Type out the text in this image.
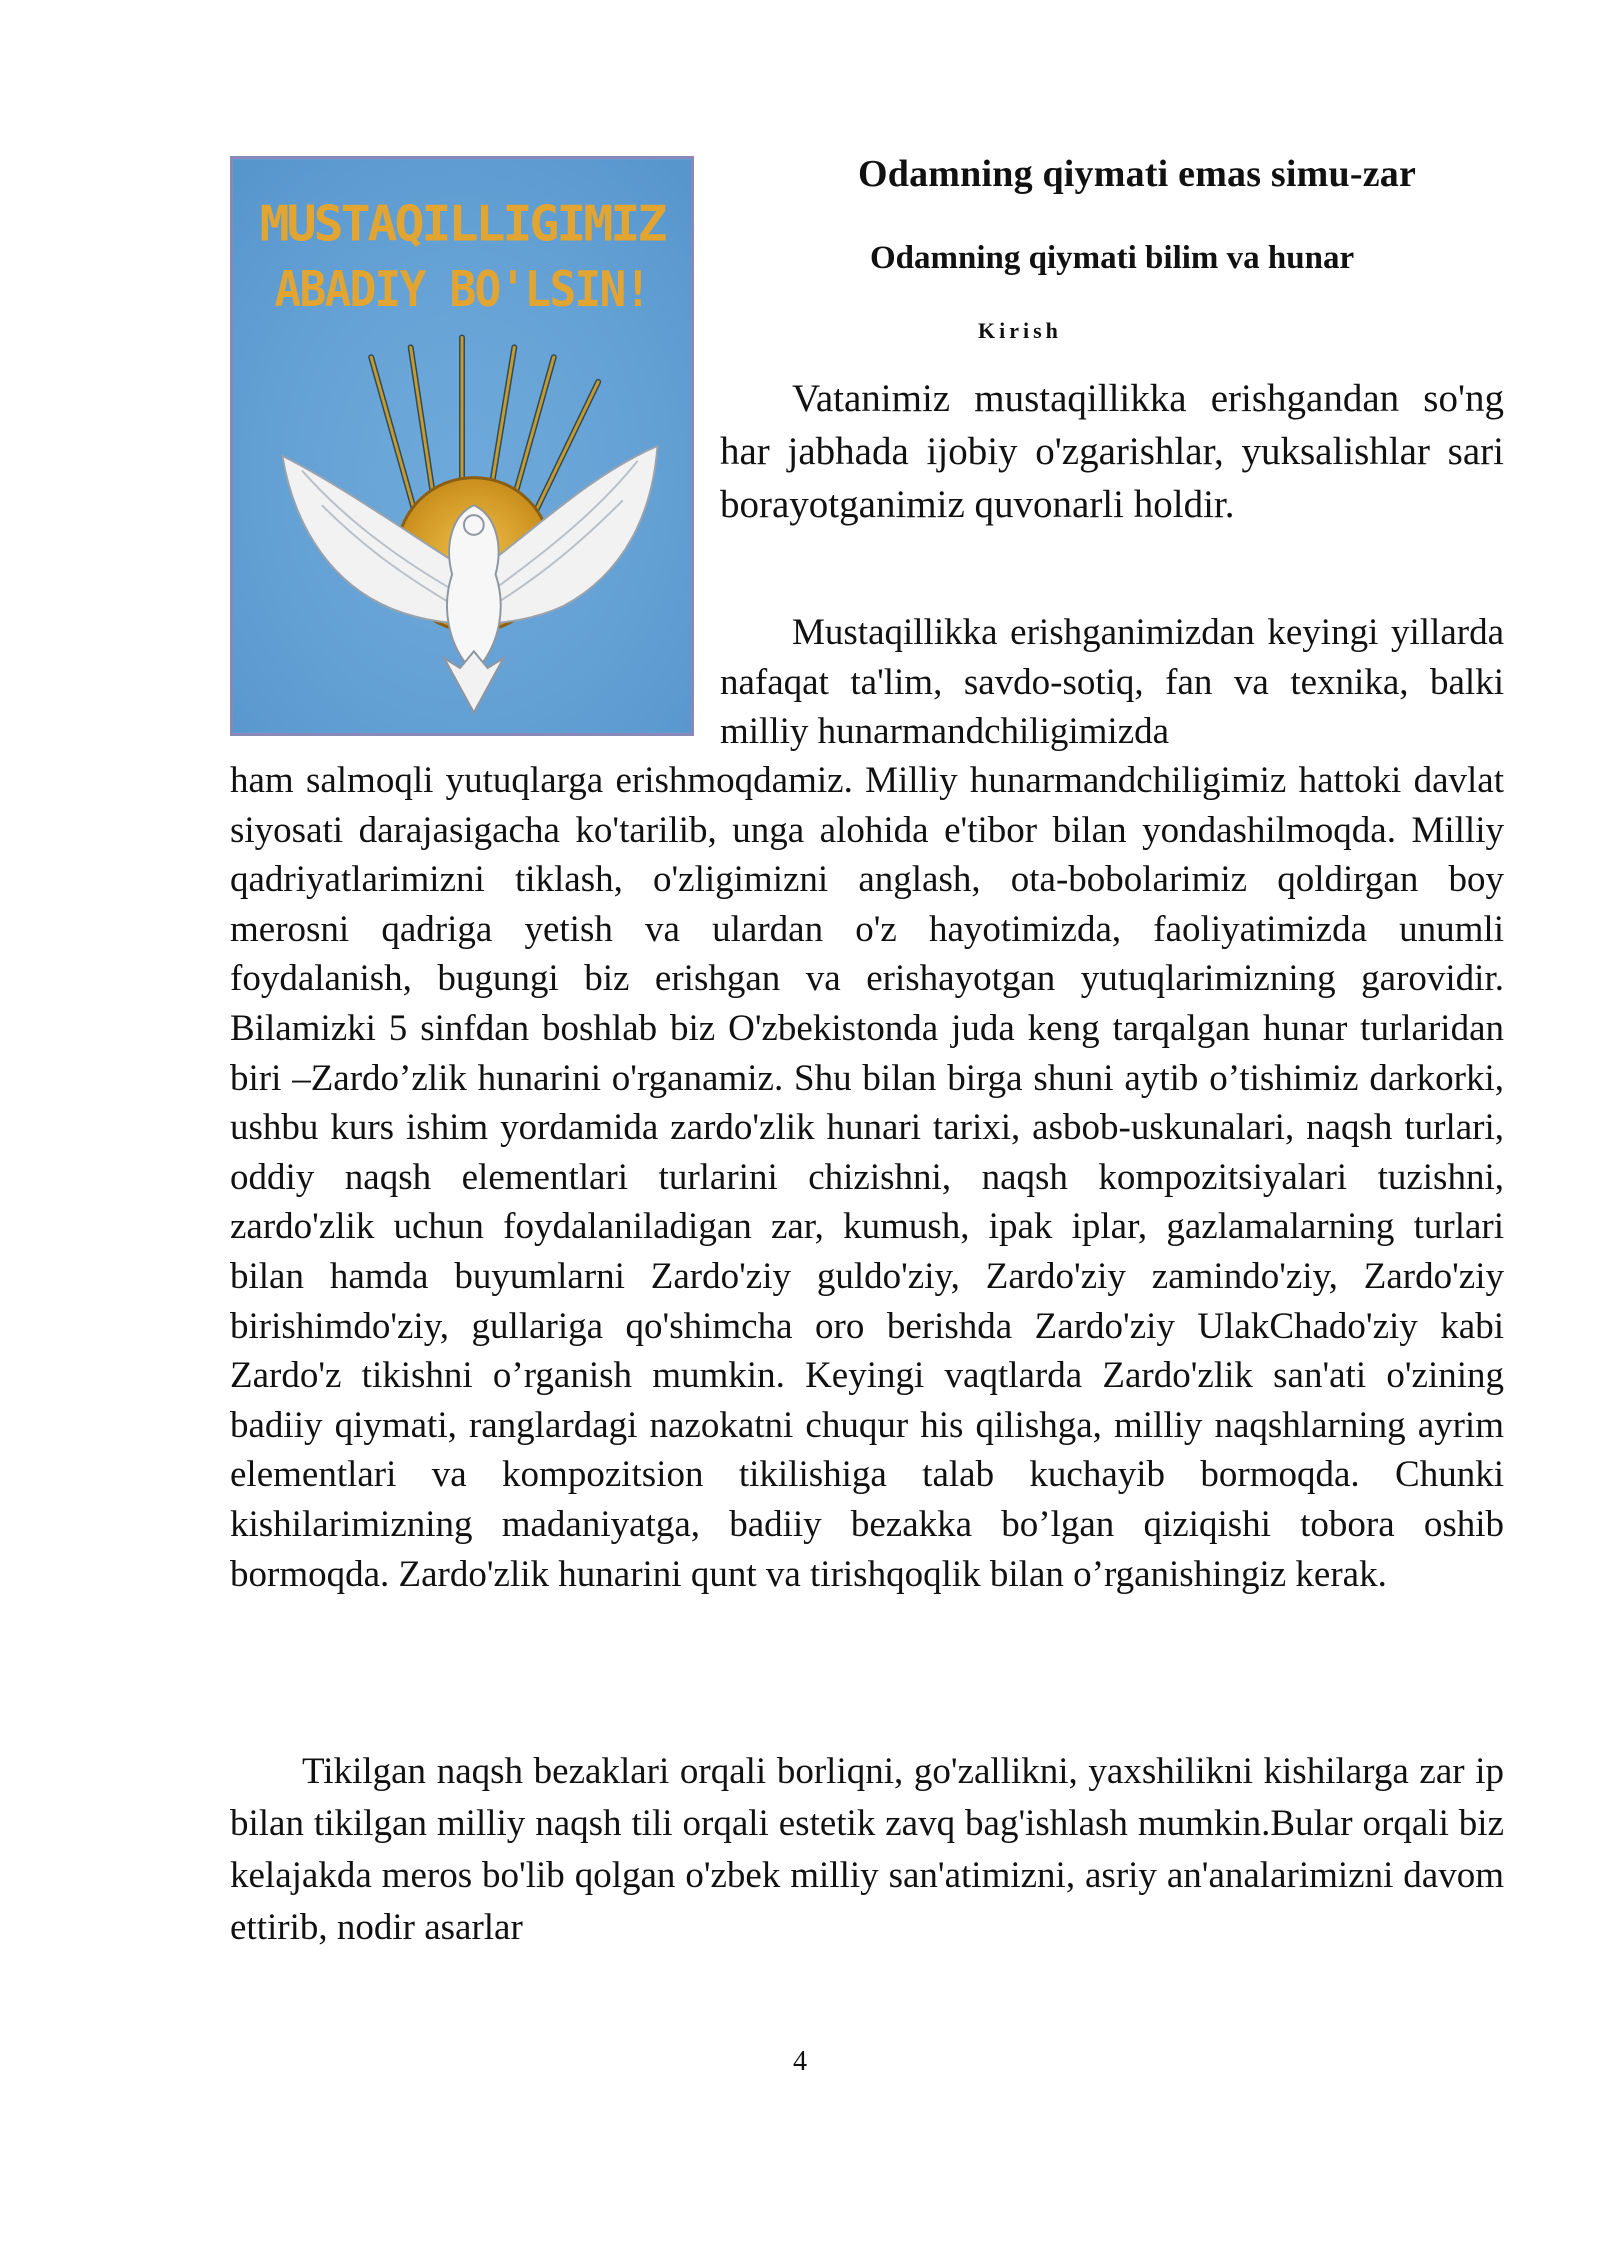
MUSTAQILLIGIMIZ
ABADIY BO'LSIN!
Odamning qiymati emas simu-zar
Odamning qiymati bilim va hunar
Kirish
Vatanimiz mustaqillikka erishgandan so'ng har jabhada ijobiy o'zgarishlar, yuksalishlar sari borayotganimiz quvonarli holdir.
Mustaqillikka erishganimizdan keyingi yillarda nafaqat ta'lim, savdo-sotiq, fan va texnika, balki milliy hunarmandchiligimizda
ham salmoqli yutuqlarga erishmoqdamiz. Milliy hunarmandchiligimiz hattoki davlat siyosati darajasigacha ko'tarilib, unga alohida e'tibor bilan yondashilmoqda. Milliy qadriyatlarimizni tiklash, o'zligimizni anglash, ota-bobolarimiz qoldirgan boy merosni qadriga yetish va ulardan o'z hayotimizda, faoliyatimizda unumli foydalanish, bugungi biz erishgan va erishayotgan yutuqlarimizning garovidir. Bilamizki 5 sinfdan boshlab biz O'zbekistonda juda keng tarqalgan hunar turlaridan biri –Zardo’zlik hunarini o'rganamiz. Shu bilan birga shuni aytib o’tishimiz darkorki, ushbu kurs ishim yordamida zardo'zlik hunari tarixi, asbob-uskunalari, naqsh turlari, oddiy naqsh elementlari turlarini chizishni, naqsh kompozitsiyalari tuzishni, zardo'zlik uchun foydalaniladigan zar, kumush, ipak iplar, gazlamalarning turlari bilan hamda buyumlarni Zardo'ziy guldo'ziy, Zardo'ziy zamindo'ziy, Zardo'ziy birishimdo'ziy, gullariga qo'shimcha oro berishda Zardo'ziy UlakChado'ziy kabi Zardo'z tikishni o’rganish mumkin. Keyingi vaqtlarda Zardo'zlik san'ati o'zining badiiy qiymati, ranglardagi nazokatni chuqur his qilishga, milliy naqshlarning ayrim elementlari va kompozitsion tikilishiga talab kuchayib bormoqda. Chunki kishilarimizning madaniyatga, badiiy bezakka bo’lgan qiziqishi tobora oshib bormoqda. Zardo'zlik hunarini qunt va tirishqoqlik bilan o’rganishingiz kerak.
Tikilgan naqsh bezaklari orqali borliqni, go'zallikni, yaxshilikni kishilarga zar ip bilan tikilgan milliy naqsh tili orqali estetik zavq bag'ishlash mumkin.Bular orqali biz kelajakda meros bo'lib qolgan o'zbek milliy san'atimizni, asriy an'analarimizni davom ettirib, nodir asarlar
4
